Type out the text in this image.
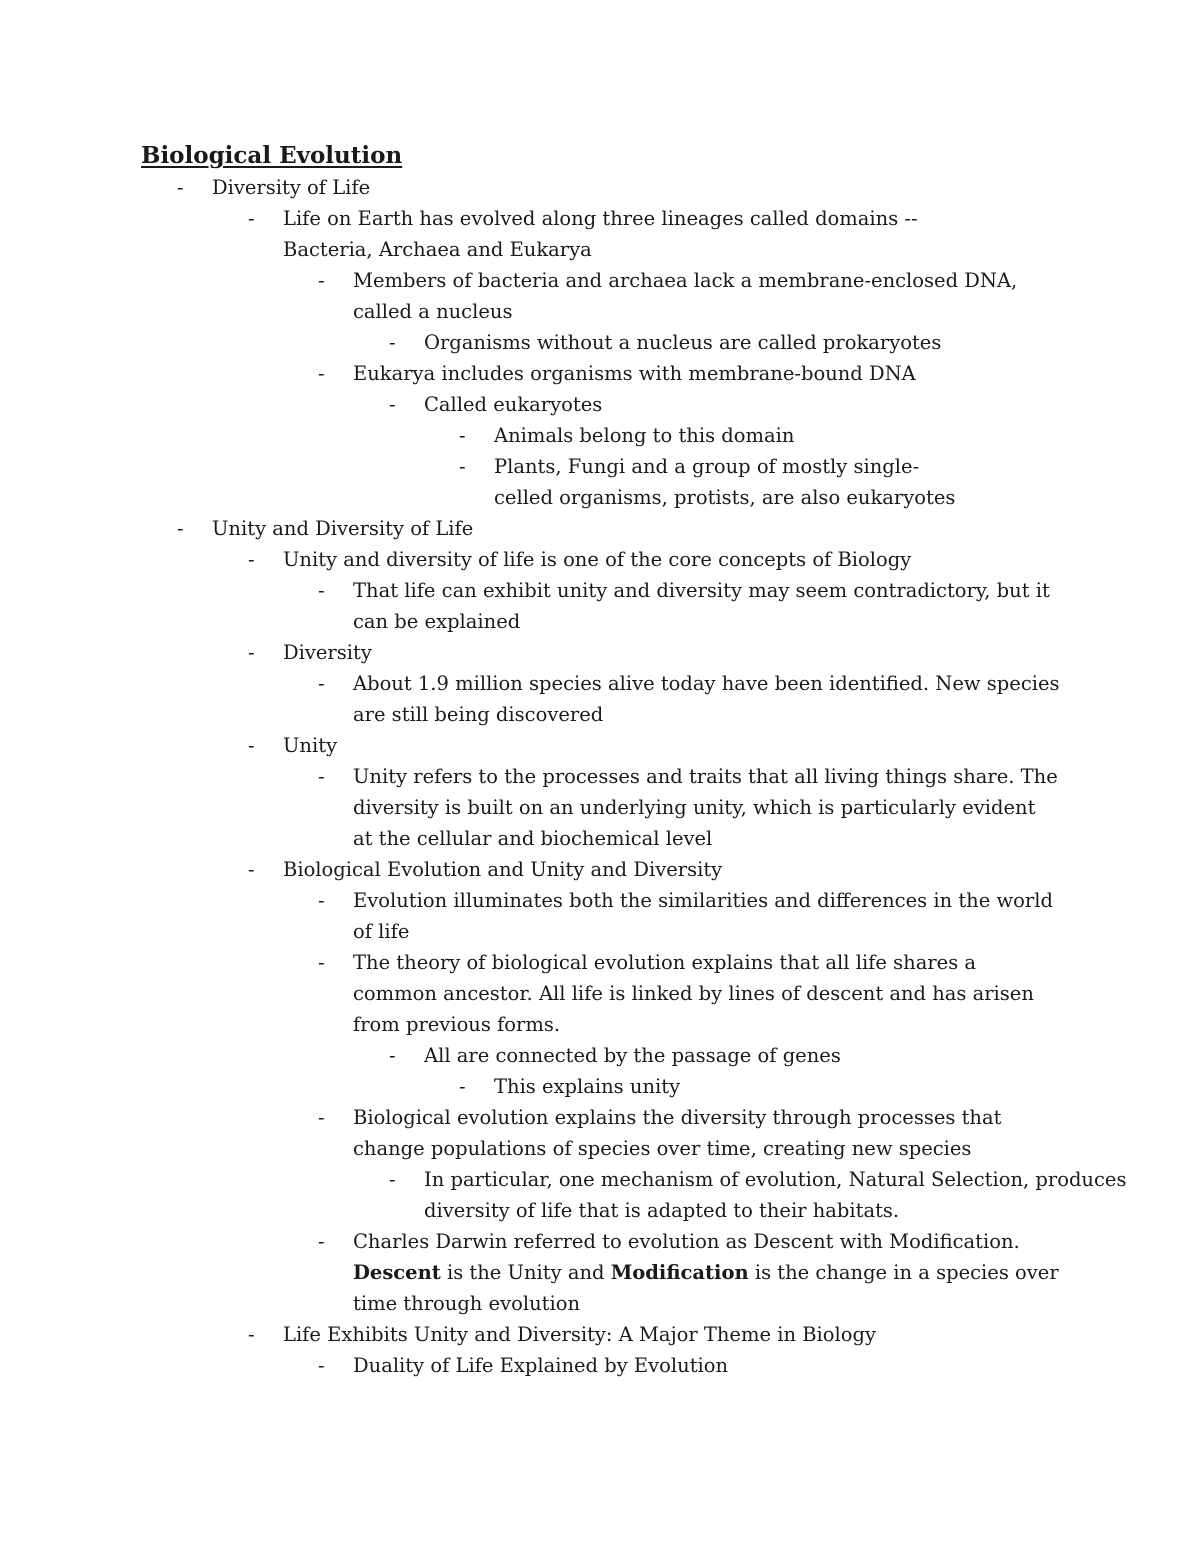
Biological Evolution
- Diversity of Life
- Life on Earth has evolved along three lineages called domains -- Bacteria, Archaea and Eukarya
- Members of bacteria and archaea lack a membrane-enclosed DNA, called a nucleus
- Organisms without a nucleus are called prokaryotes
- Eukarya includes organisms with membrane-bound DNA
- Called eukaryotes
- Animals belong to this domain
- Plants, Fungi and a group of mostly single-celled organisms, protists, are also eukaryotes
- Unity and Diversity of Life
- Unity and diversity of life is one of the core concepts of Biology
- That life can exhibit unity and diversity may seem contradictory, but it can be explained
- Diversity
- About 1.9 million species alive today have been identified. New species are still being discovered
- Unity
- Unity refers to the processes and traits that all living things share. The diversity is built on an underlying unity, which is particularly evident at the cellular and biochemical level
- Biological Evolution and Unity and Diversity
- Evolution illuminates both the similarities and differences in the world of life
- The theory of biological evolution explains that all life shares a common ancestor. All life is linked by lines of descent and has arisen from previous forms.
- All are connected by the passage of genes
- This explains unity
- Biological evolution explains the diversity through processes that change populations of species over time, creating new species
- In particular, one mechanism of evolution, Natural Selection, produces diversity of life that is adapted to their habitats.
- Charles Darwin referred to evolution as Descent with Modification.
Descent is the Unity and Modification is the change in a species over time through evolution
- Life Exhibits Unity and Diversity: A Major Theme in Biology
- Duality of Life Explained by Evolution
